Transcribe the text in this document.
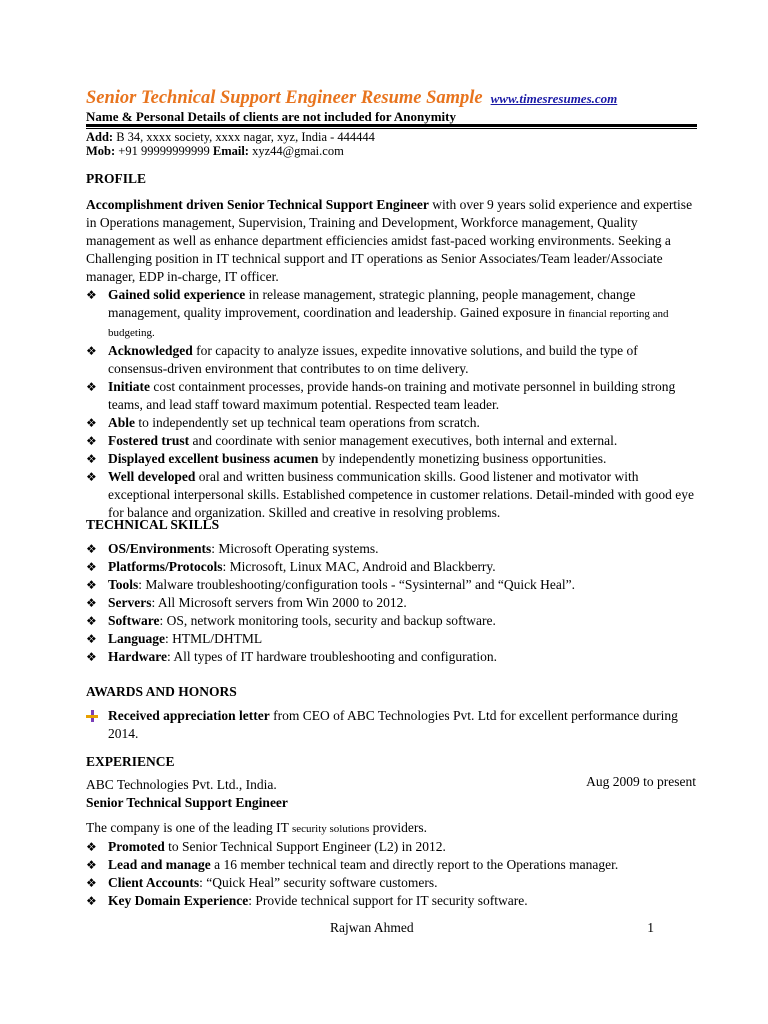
Senior Technical Support Engineer Resume Sample www.timesresumes.com
Name & Personal Details of clients are not included for Anonymity
Add: B 34, xxxx society, xxxx nagar, xyz, India - 444444
Mob: +91 99999999999 Email: xyz44@gmai.com

PROFILE

Accomplishment driven Senior Technical Support Engineer with over 9 years solid experience and expertise in Operations management, Supervision, Training and Development, Workforce management, Quality management as well as enhance department efficiencies amidst fast-paced working environments. Seeking a Challenging position in IT technical support and IT operations as Senior Associates/Team leader/Associate manager, EDP in-charge, IT officer.

❖ Gained solid experience in release management, strategic planning, people management, change management, quality improvement, coordination and leadership. Gained exposure in financial reporting and budgeting.
❖ Acknowledged for capacity to analyze issues, expedite innovative solutions, and build the type of consensus-driven environment that contributes to on time delivery.
❖ Initiate cost containment processes, provide hands-on training and motivate personnel in building strong teams, and lead staff toward maximum potential. Respected team leader.
❖ Able to independently set up technical team operations from scratch.
❖ Fostered trust and coordinate with senior management executives, both internal and external.
❖ Displayed excellent business acumen by independently monetizing business opportunities.
❖ Well developed oral and written business communication skills. Good listener and motivator with exceptional interpersonal skills. Established competence in customer relations. Detail-minded with good eye for balance and organization. Skilled and creative in resolving problems.

TECHNICAL SKILLS

❖ OS/Environments: Microsoft Operating systems.
❖ Platforms/Protocols: Microsoft, Linux MAC, Android and Blackberry.
❖ Tools: Malware troubleshooting/configuration tools - “Sysinternal” and “Quick Heal”.
❖ Servers: All Microsoft servers from Win 2000 to 2012.
❖ Software: OS, network monitoring tools, security and backup software.
❖ Language: HTML/DHTML
❖ Hardware: All types of IT hardware troubleshooting and configuration.

AWARDS AND HONORS

Received appreciation letter from CEO of ABC Technologies Pvt. Ltd for excellent performance during 2014.

EXPERIENCE

ABC Technologies Pvt. Ltd., India.	Aug 2009 to present

Senior Technical Support Engineer

The company is one of the leading IT security solutions providers.

❖ Promoted to Senior Technical Support Engineer (L2) in 2012.
❖ Lead and manage a 16 member technical team and directly report to the Operations manager.
❖ Client Accounts: “Quick Heal” security software customers.
❖ Key Domain Experience: Provide technical support for IT security software.
Rajwan Ahmed	1
